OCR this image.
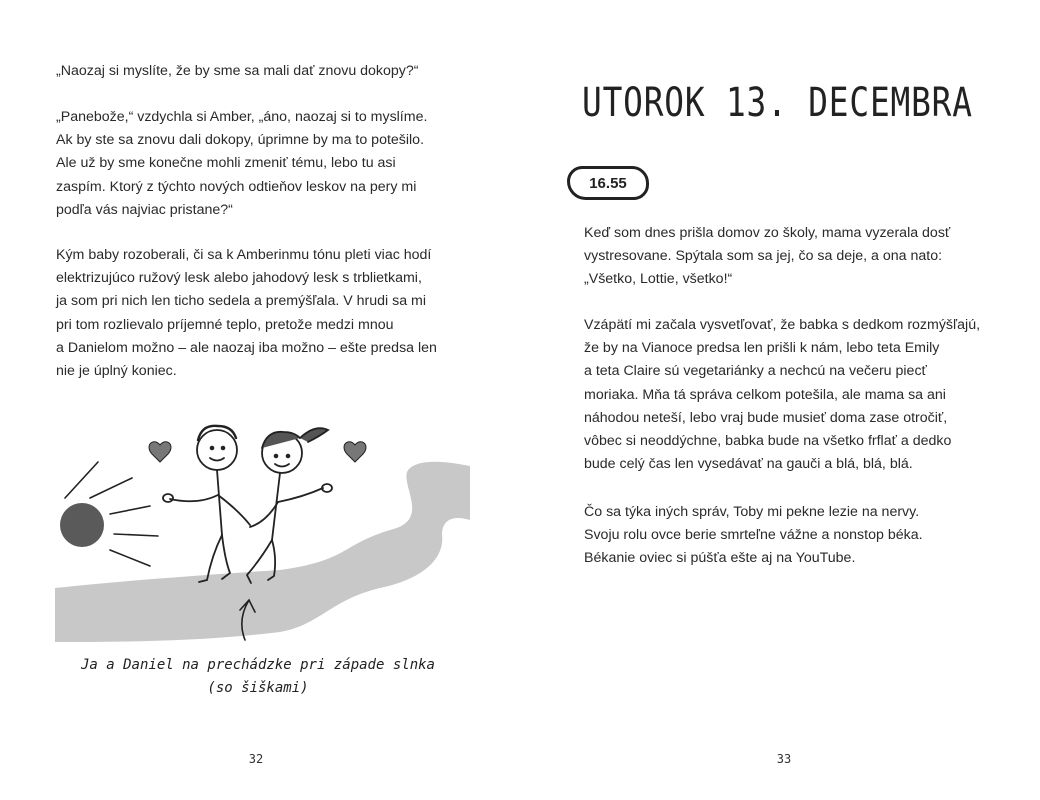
„Naozaj si myslíte, že by sme sa mali dať znovu dokopy?“
„Panebože,“ vzdychla si Amber, „áno, naozaj si to myslíme.
Ak by ste sa znovu dali dokopy, úprimne by ma to potešilo.
Ale už by sme konečne mohli zmeniť tému, lebo tu asi
zaspím. Ktorý z týchto nových odtieňov leskov na pery mi
podľa vás najviac pristane?“
Kým baby rozoberali, či sa k Amberinmu tónu pleti viac hodí
elektrizujúco ružový lesk alebo jahodový lesk s trblietkami,
ja som pri nich len ticho sedela a premýšľala. V hrudi sa mi
pri tom rozlievalo príjemné teplo, pretože medzi mnou
a Danielom možno – ale naozaj iba možno – ešte predsa len
nie je úplný koniec.
Ja a Daniel na prechádzke pri západe slnka
(so šiškami)
32
UTOROK 13. DECEMBRA
16.55
Keď som dnes prišla domov zo školy, mama vyzerala dosť
vystresovane. Spýtala som sa jej, čo sa deje, a ona nato:
„Všetko, Lottie, všetko!“
Vzápätí mi začala vysvetľovať, že babka s dedkom rozmýšľajú,
že by na Vianoce predsa len prišli k nám, lebo teta Emily
a teta Claire sú vegetariánky a nechcú na večeru piecť
moriaka. Mňa tá správa celkom potešila, ale mama sa ani
náhodou neteší, lebo vraj bude musieť doma zase otročiť,
vôbec si neoddýchne, babka bude na všetko frflať a dedko
bude celý čas len vysedávať na gauči a blá, blá, blá.
Čo sa týka iných správ, Toby mi pekne lezie na nervy.
Svoju rolu ovce berie smrteľne vážne a nonstop béka.
Békanie oviec si púšťa ešte aj na YouTube.
33
